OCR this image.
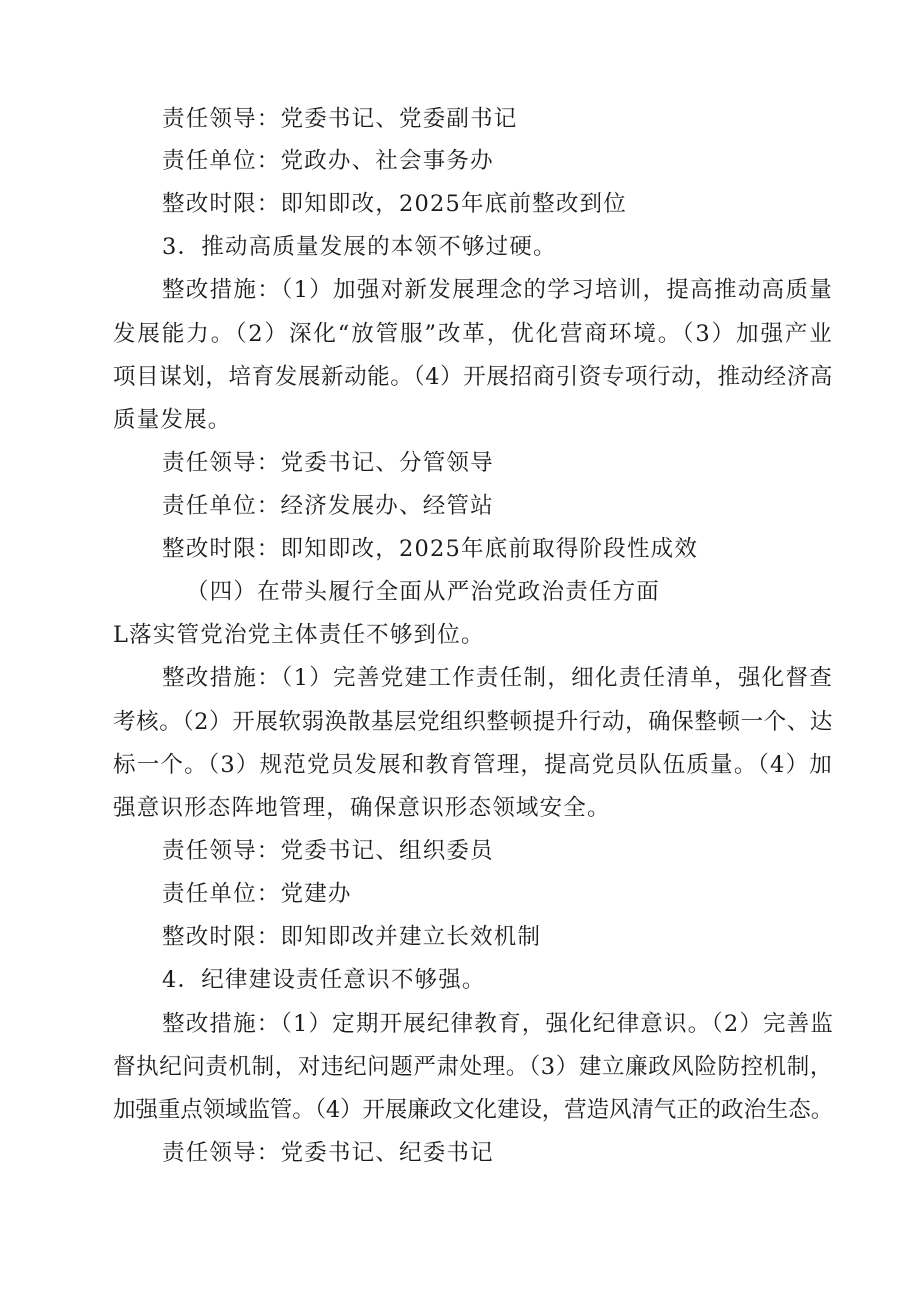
责任领导：党委书记、党委副书记

责任单位：党政办、社会事务办

整改时限：即知即改，2025年底前整改到位

3．推动高质量发展的本领不够过硬。

整改措施：（1）加强对新发展理念的学习培训，提高推动高质量

发展能力。（2）深化“放管服”改革，优化营商环境。（3）加强产业

项目谋划，培育发展新动能。（4）开展招商引资专项行动，推动经济高

质量发展。

责任领导：党委书记、分管领导

责任单位：经济发展办、经管站

整改时限：即知即改，2025年底前取得阶段性成效

（四）在带头履行全面从严治党政治责任方面

L落实管党治党主体责任不够到位。

整改措施：（1）完善党建工作责任制，细化责任清单，强化督查

考核。（2）开展软弱涣散基层党组织整顿提升行动，确保整顿一个、达

标一个。（3）规范党员发展和教育管理，提高党员队伍质量。（4）加

强意识形态阵地管理，确保意识形态领域安全。

责任领导：党委书记、组织委员

责任单位：党建办

整改时限：即知即改并建立长效机制

4．纪律建设责任意识不够强。

整改措施：（1）定期开展纪律教育，强化纪律意识。（2）完善监

督执纪问责机制，对违纪问题严肃处理。（3）建立廉政风险防控机制，

加强重点领域监管。（4）开展廉政文化建设，营造风清气正的政治生态。

责任领导：党委书记、纪委书记
